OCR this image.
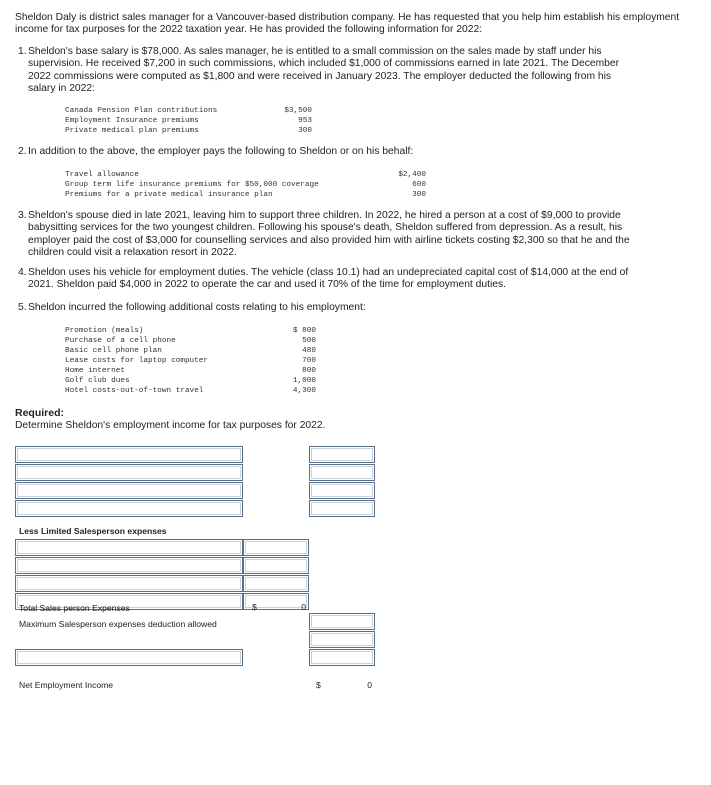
Sheldon Daly is district sales manager for a Vancouver-based distribution company. He has requested that you help him establish his employment income for tax purposes for the 2022 taxation year. He has provided the following information for 2022:
1. Sheldon's base salary is $78,000. As sales manager, he is entitled to a small commission on the sales made by staff under his supervision. He received $7,200 in such commissions, which included $1,000 of commissions earned in late 2021. The December 2022 commissions were computed as $1,800 and were received in January 2023. The employer deducted the following from his salary in 2022:
Canada Pension Plan contributions	$3,500
Employment Insurance premiums	953
Private medical plan premiums	300
2. In addition to the above, the employer pays the following to Sheldon or on his behalf:
Travel allowance	$2,400
Group term life insurance premiums for $50,000 coverage	600
Premiums for a private medical insurance plan	300
3. Sheldon's spouse died in late 2021, leaving him to support three children. In 2022, he hired a person at a cost of $9,000 to provide babysitting services for the two youngest children. Following his spouse's death, Sheldon suffered from depression. As a result, his employer paid the cost of $3,000 for counselling services and also provided him with airline tickets costing $2,300 so that he and the children could visit a relaxation resort in 2022.
4. Sheldon uses his vehicle for employment duties. The vehicle (class 10.1) had an undepreciated capital cost of $14,000 at the end of 2021. Sheldon paid $4,000 in 2022 to operate the car and used it 70% of the time for employment duties.
5. Sheldon incurred the following additional costs relating to his employment:
Promotion (meals)	$ 800
Purchase of a cell phone	500
Basic cell phone plan	480
Lease costs for laptop computer	700
Home internet	800
Golf club dues	1,000
Hotel costs-out-of-town travel	4,300
Required:
Determine Sheldon's employment income for tax purposes for 2022.
Less Limited Salesperson expenses
Total Sales person Expenses	$	0
Maximum Salesperson expenses deduction allowed
Net Employment Income	$	0
